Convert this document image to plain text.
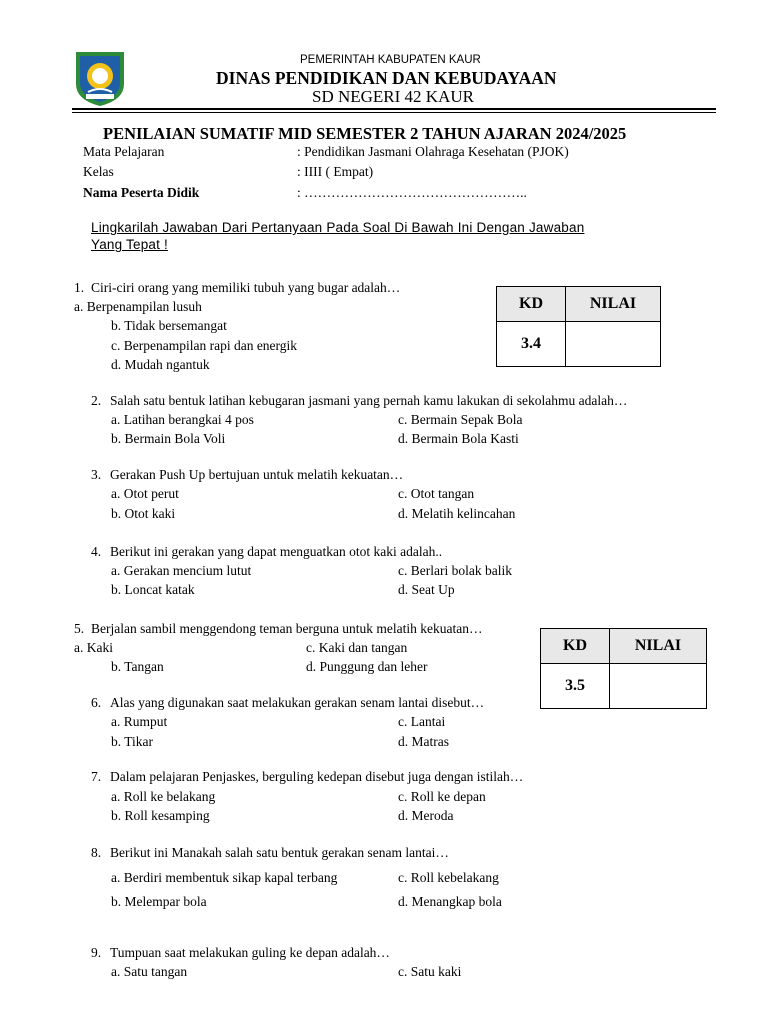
PEMERINTAH KABUPATEN KAUR
DINAS PENDIDIKAN DAN KEBUDAYAAN
SD NEGERI 42 KAUR
PENILAIAN SUMATIF MID SEMESTER 2 TAHUN AJARAN 2024/2025
Mata Pelajaran	: Pendidikan Jasmani Olahraga Kesehatan (PJOK)
Kelas	: IIII ( Empat)
Nama Peserta Didik	: …………………………………………..
Lingkarilah Jawaban Dari Pertanyaan Pada Soal Di Bawah Ini Dengan Jawaban
Yang Tepat !
KD	NILAI
3.4	
KD	NILAI
3.5	
1. Ciri-ciri orang yang memiliki tubuh yang bugar adalah…
a. Berpenampilan lusuh
b. Tidak bersemangat
c. Berpenampilan rapi dan energik
d. Mudah ngantuk
2. Salah satu bentuk latihan kebugaran jasmani yang pernah kamu lakukan di sekolahmu adalah…
a. Latihan berangkai 4 pos	c. Bermain Sepak Bola
b. Bermain Bola Voli	d. Bermain Bola Kasti
3. Gerakan Push Up bertujuan untuk melatih kekuatan…
a. Otot perut	c. Otot tangan
b. Otot kaki	d. Melatih kelincahan
4. Berikut ini gerakan yang dapat menguatkan otot kaki adalah..
a. Gerakan mencium lutut	c. Berlari bolak balik
b. Loncat katak	d. Seat Up
5. Berjalan sambil menggendong teman berguna untuk melatih kekuatan…
a. Kaki	c. Kaki dan tangan
b. Tangan	d. Punggung dan leher
6. Alas yang digunakan saat melakukan gerakan senam lantai disebut…
a. Rumput	c. Lantai
b. Tikar	d. Matras
7. Dalam pelajaran Penjaskes, berguling kedepan disebut juga dengan istilah…
a. Roll ke belakang	c. Roll ke depan
b. Roll kesamping	d. Meroda
8. Berikut ini Manakah salah satu bentuk gerakan senam lantai…
a. Berdiri membentuk sikap kapal terbang	c. Roll kebelakang
b. Melempar bola	d. Menangkap bola
9. Tumpuan saat melakukan guling ke depan adalah…
a. Satu tangan	c. Satu kaki
